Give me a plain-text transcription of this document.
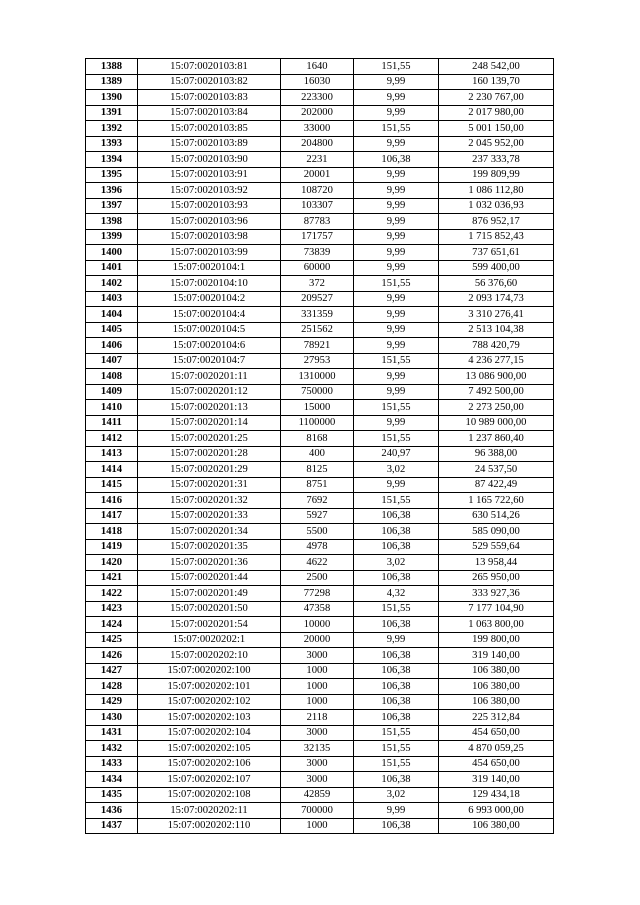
1388	15:07:0020103:81	1640	151,55	248 542,00
1389	15:07:0020103:82	16030	9,99	160 139,70
1390	15:07:0020103:83	223300	9,99	2 230 767,00
1391	15:07:0020103:84	202000	9,99	2 017 980,00
1392	15:07:0020103:85	33000	151,55	5 001 150,00
1393	15:07:0020103:89	204800	9,99	2 045 952,00
1394	15:07:0020103:90	2231	106,38	237 333,78
1395	15:07:0020103:91	20001	9,99	199 809,99
1396	15:07:0020103:92	108720	9,99	1 086 112,80
1397	15:07:0020103:93	103307	9,99	1 032 036,93
1398	15:07:0020103:96	87783	9,99	876 952,17
1399	15:07:0020103:98	171757	9,99	1 715 852,43
1400	15:07:0020103:99	73839	9,99	737 651,61
1401	15:07:0020104:1	60000	9,99	599 400,00
1402	15:07:0020104:10	372	151,55	56 376,60
1403	15:07:0020104:2	209527	9,99	2 093 174,73
1404	15:07:0020104:4	331359	9,99	3 310 276,41
1405	15:07:0020104:5	251562	9,99	2 513 104,38
1406	15:07:0020104:6	78921	9,99	788 420,79
1407	15:07:0020104:7	27953	151,55	4 236 277,15
1408	15:07:0020201:11	1310000	9,99	13 086 900,00
1409	15:07:0020201:12	750000	9,99	7 492 500,00
1410	15:07:0020201:13	15000	151,55	2 273 250,00
1411	15:07:0020201:14	1100000	9,99	10 989 000,00
1412	15:07:0020201:25	8168	151,55	1 237 860,40
1413	15:07:0020201:28	400	240,97	96 388,00
1414	15:07:0020201:29	8125	3,02	24 537,50
1415	15:07:0020201:31	8751	9,99	87 422,49
1416	15:07:0020201:32	7692	151,55	1 165 722,60
1417	15:07:0020201:33	5927	106,38	630 514,26
1418	15:07:0020201:34	5500	106,38	585 090,00
1419	15:07:0020201:35	4978	106,38	529 559,64
1420	15:07:0020201:36	4622	3,02	13 958,44
1421	15:07:0020201:44	2500	106,38	265 950,00
1422	15:07:0020201:49	77298	4,32	333 927,36
1423	15:07:0020201:50	47358	151,55	7 177 104,90
1424	15:07:0020201:54	10000	106,38	1 063 800,00
1425	15:07:0020202:1	20000	9,99	199 800,00
1426	15:07:0020202:10	3000	106,38	319 140,00
1427	15:07:0020202:100	1000	106,38	106 380,00
1428	15:07:0020202:101	1000	106,38	106 380,00
1429	15:07:0020202:102	1000	106,38	106 380,00
1430	15:07:0020202:103	2118	106,38	225 312,84
1431	15:07:0020202:104	3000	151,55	454 650,00
1432	15:07:0020202:105	32135	151,55	4 870 059,25
1433	15:07:0020202:106	3000	151,55	454 650,00
1434	15:07:0020202:107	3000	106,38	319 140,00
1435	15:07:0020202:108	42859	3,02	129 434,18
1436	15:07:0020202:11	700000	9,99	6 993 000,00
1437	15:07:0020202:110	1000	106,38	106 380,00
